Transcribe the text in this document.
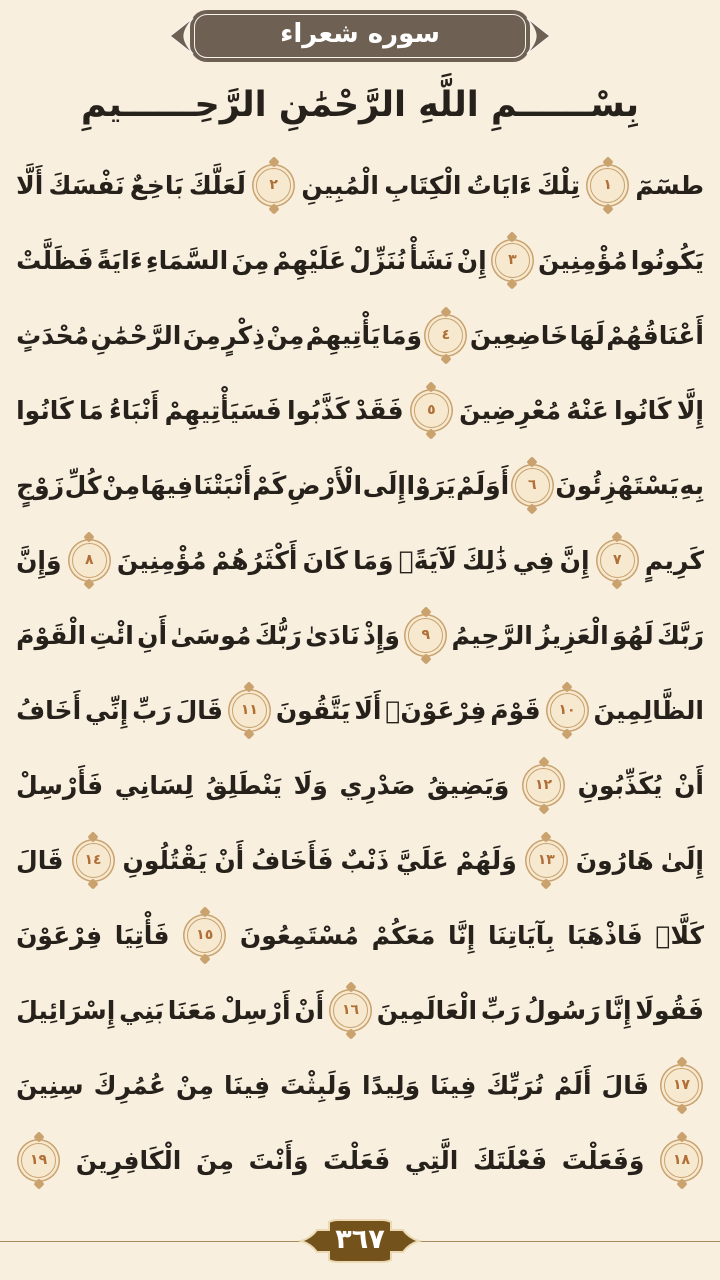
سوره شعراء
بِسْــــــمِ اللَّهِ الرَّحْمَٰنِ الرَّحِــــــيمِ
طسٓمٓ
١
تِلْكَ
ءَايَاتُ
الْكِتَابِ
الْمُبِينِ
٢
لَعَلَّكَ
بَاخِعٌ
نَفْسَكَ
أَلَّا
يَكُونُوا
مُؤْمِنِينَ
٣
إِنْ
نَشَأْ
نُنَزِّلْ
عَلَيْهِمْ
مِنَ
السَّمَاءِ
ءَايَةً
فَظَلَّتْ
أَعْنَاقُهُمْ
لَهَا
خَاضِعِينَ
٤
وَمَا
يَأْتِيهِمْ
مِنْ
ذِكْرٍ
مِنَ
الرَّحْمَٰنِ
مُحْدَثٍ
إِلَّا
كَانُوا
عَنْهُ
مُعْرِضِينَ
٥
فَقَدْ
كَذَّبُوا
فَسَيَأْتِيهِمْ
أَنْبَاءُ
مَا
كَانُوا
بِهِ
يَسْتَهْزِئُونَ
٦
أَوَلَمْ
يَرَوْا
إِلَى
الْأَرْضِ
كَمْ
أَنْبَتْنَا
فِيهَا
مِنْ
كُلِّ
زَوْجٍ
كَرِيمٍ
٧
إِنَّ
فِي
ذَٰلِكَ
لَآيَةًۖ
وَمَا
كَانَ
أَكْثَرُهُمْ
مُؤْمِنِينَ
٨
وَإِنَّ
رَبَّكَ
لَهُوَ
الْعَزِيزُ
الرَّحِيمُ
٩
وَإِذْ
نَادَىٰ
رَبُّكَ
مُوسَىٰ
أَنِ
ائْتِ
الْقَوْمَ
الظَّالِمِينَ
١٠
قَوْمَ
فِرْعَوْنَۚ
أَلَا
يَتَّقُونَ
١١
قَالَ
رَبِّ
إِنِّي
أَخَافُ
أَنْ
يُكَذِّبُونِ
١٢
وَيَضِيقُ
صَدْرِي
وَلَا
يَنْطَلِقُ
لِسَانِي
فَأَرْسِلْ
إِلَىٰ
هَارُونَ
١٣
وَلَهُمْ
عَلَيَّ
ذَنْبٌ
فَأَخَافُ
أَنْ
يَقْتُلُونِ
١٤
قَالَ
كَلَّاۖ
فَاذْهَبَا
بِآيَاتِنَا
إِنَّا
مَعَكُمْ
مُسْتَمِعُونَ
١٥
فَأْتِيَا
فِرْعَوْنَ
فَقُولَا
إِنَّا
رَسُولُ
رَبِّ
الْعَالَمِينَ
١٦
أَنْ
أَرْسِلْ
مَعَنَا
بَنِي
إِسْرَائِيلَ
١٧
قَالَ
أَلَمْ
نُرَبِّكَ
فِينَا
وَلِيدًا
وَلَبِثْتَ
فِينَا
مِنْ
عُمُرِكَ
سِنِينَ
١٨
وَفَعَلْتَ
فَعْلَتَكَ
الَّتِي
فَعَلْتَ
وَأَنْتَ
مِنَ
الْكَافِرِينَ
١٩
٣٦٧
